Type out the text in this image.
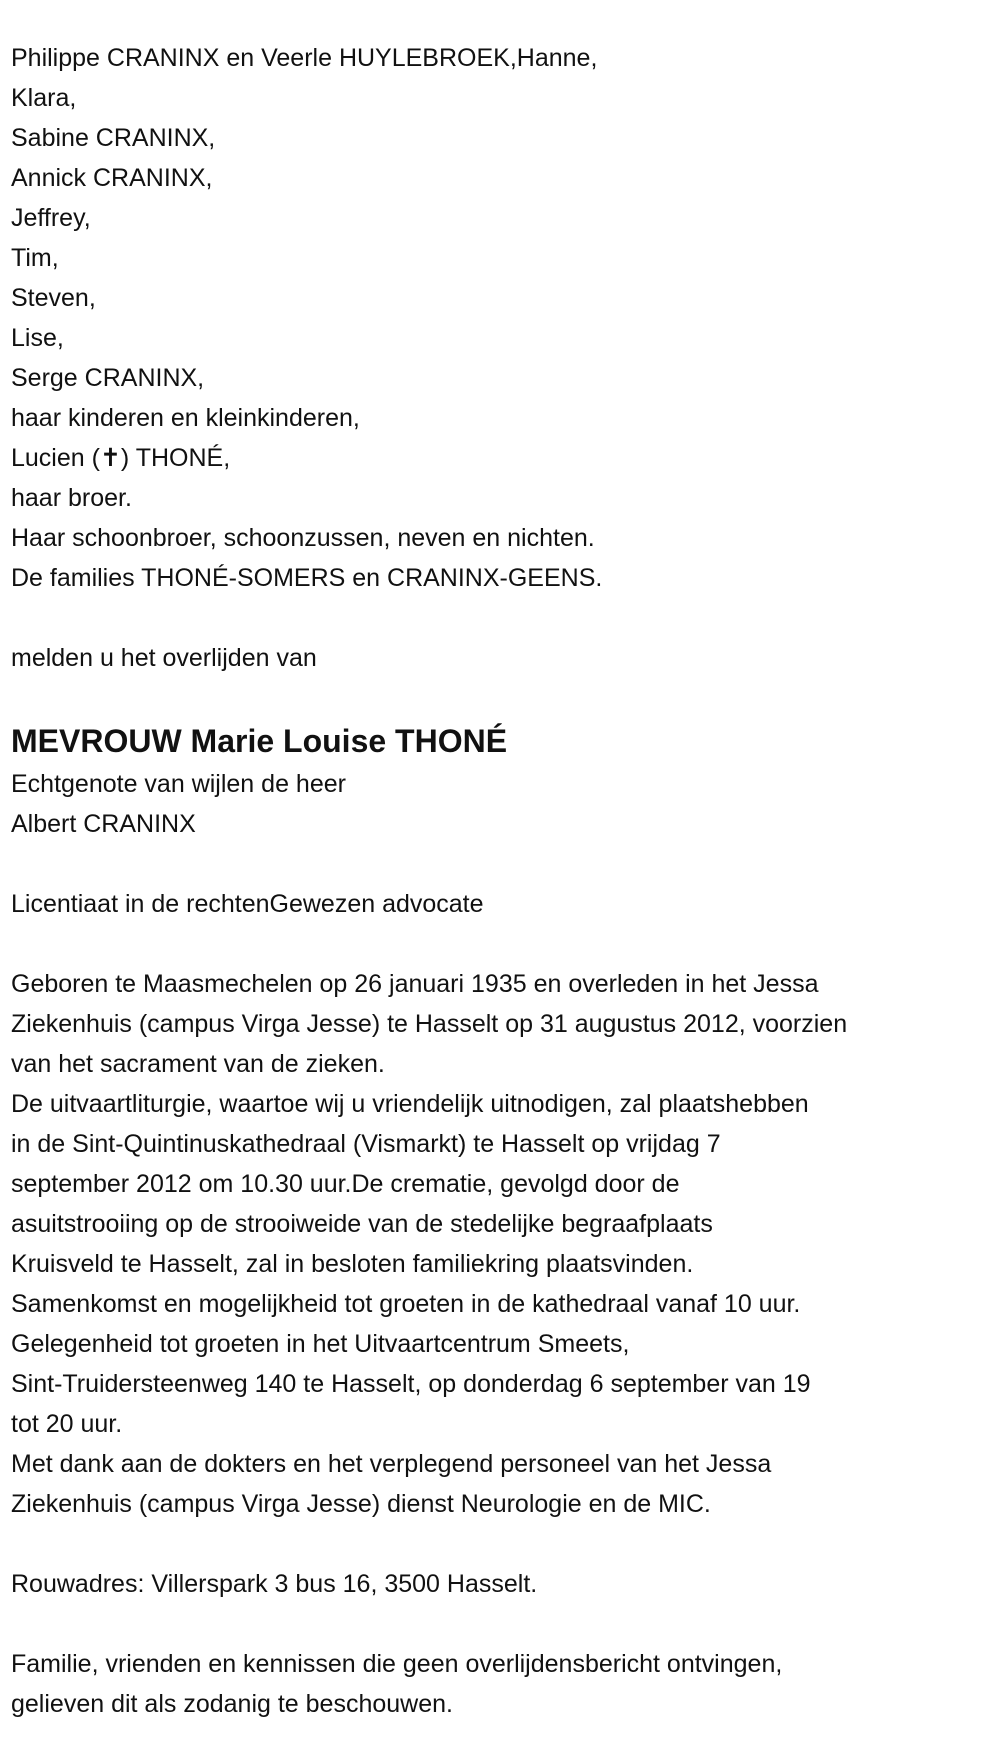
Philippe CRANINX en Veerle HUYLEBROEK,Hanne,
Klara,
Sabine CRANINX,
Annick CRANINX,
Jeffrey,
Tim,
Steven,
Lise,
Serge CRANINX,
haar kinderen en kleinkinderen,
Lucien (✝) THONÉ,
haar broer.
Haar schoonbroer, schoonzussen, neven en nichten.
De families THONÉ-SOMERS en CRANINX-GEENS.
melden u het overlijden van
MEVROUW Marie Louise THONÉ
Echtgenote van wijlen de heer
Albert CRANINX
Licentiaat in de rechtenGewezen advocate
Geboren te Maasmechelen op 26 januari 1935 en overleden in het Jessa
Ziekenhuis (campus Virga Jesse) te Hasselt op 31 augustus 2012, voorzien
van het sacrament van de zieken.
De uitvaartliturgie, waartoe wij u vriendelijk uitnodigen, zal plaatshebben
in de Sint-Quintinuskathedraal (Vismarkt) te Hasselt op vrijdag 7
september 2012 om 10.30 uur.De crematie, gevolgd door de
asuitstrooiing op de strooiweide van de stedelijke begraafplaats
Kruisveld te Hasselt, zal in besloten familiekring plaatsvinden.
Samenkomst en mogelijkheid tot groeten in de kathedraal vanaf 10 uur.
Gelegenheid tot groeten in het Uitvaartcentrum Smeets,
Sint-Truidersteenweg 140 te Hasselt, op donderdag 6 september van 19
tot 20 uur.
Met dank aan de dokters en het verplegend personeel van het Jessa
Ziekenhuis (campus Virga Jesse) dienst Neurologie en de MIC.
Rouwadres: Villerspark 3 bus 16, 3500 Hasselt.
Familie, vrienden en kennissen die geen overlijdensbericht ontvingen,
gelieven dit als zodanig te beschouwen.
